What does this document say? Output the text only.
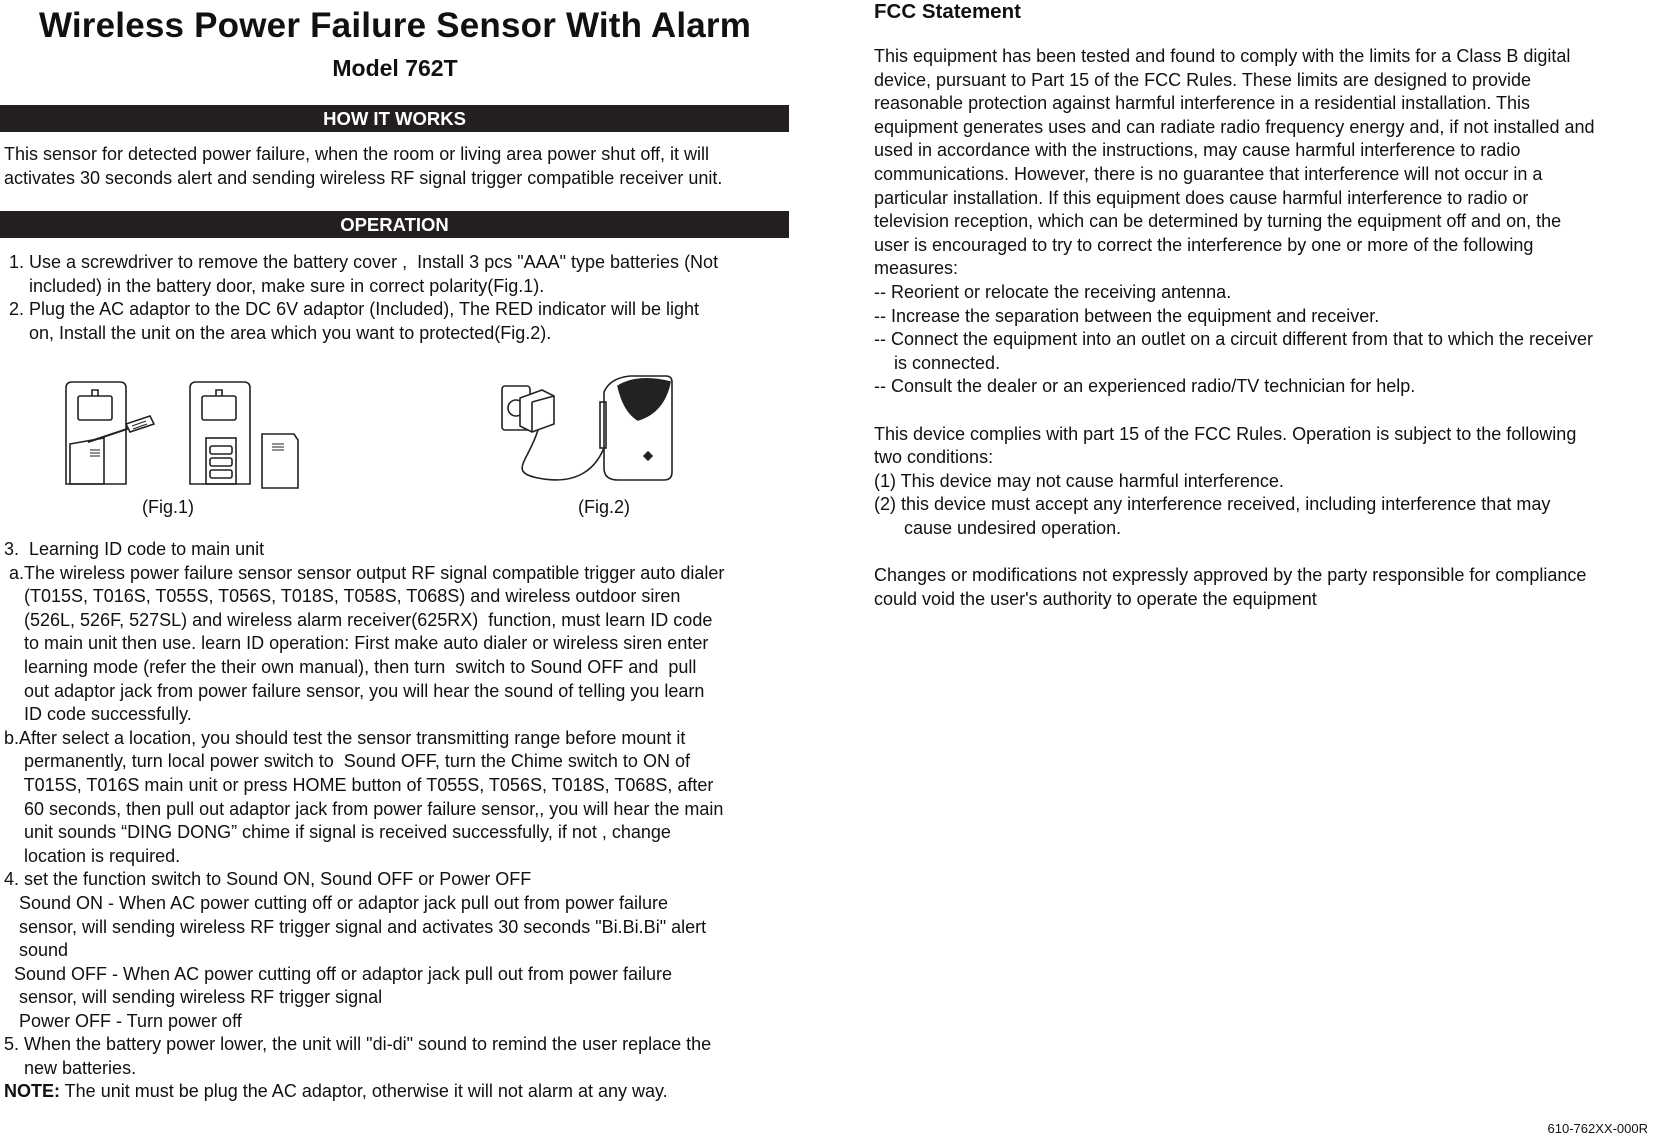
Wireless Power Failure Sensor With Alarm
Model 762T
HOW IT WORKS
This sensor for detected power failure, when the room or living area power shut off, it will
activates 30 seconds alert and sending wireless RF signal trigger compatible receiver unit.
OPERATION
1. Use a screwdriver to remove the battery cover ,  Install 3 pcs "AAA" type batteries (Not
included) in the battery door, make sure in correct polarity(Fig.1).
2. Plug the AC adaptor to the DC 6V adaptor (Included), The RED indicator will be light
on, Install the unit on the area which you want to protected(Fig.2).
(Fig.1)	(Fig.2)
3.  Learning ID code to main unit
a.The wireless power failure sensor sensor output RF signal compatible trigger auto dialer
(T015S, T016S, T055S, T056S, T018S, T058S, T068S) and wireless outdoor siren
(526L, 526F, 527SL) and wireless alarm receiver(625RX)  function, must learn ID code
to main unit then use. learn ID operation: First make auto dialer or wireless siren enter
learning mode (refer the their own manual), then turn  switch to Sound OFF and  pull
out adaptor jack from power failure sensor, you will hear the sound of telling you learn
ID code successfully.
b.After select a location, you should test the sensor transmitting range before mount it
permanently, turn local power switch to  Sound OFF, turn the Chime switch to ON of
T015S, T016S main unit or press HOME button of T055S, T056S, T018S, T068S, after
60 seconds, then pull out adaptor jack from power failure sensor,, you will hear the main
unit sounds “DING DONG” chime if signal is received successfully, if not , change
location is required.
4. set the function switch to Sound ON, Sound OFF or Power OFF
Sound ON - When AC power cutting off or adaptor jack pull out from power failure
sensor, will sending wireless RF trigger signal and activates 30 seconds "Bi.Bi.Bi" alert
sound
Sound OFF - When AC power cutting off or adaptor jack pull out from power failure
sensor, will sending wireless RF trigger signal
Power OFF - Turn power off
5. When the battery power lower, the unit will "di-di" sound to remind the user replace the
new batteries.
NOTE: The unit must be plug the AC adaptor, otherwise it will not alarm at any way.
FCC Statement
This equipment has been tested and found to comply with the limits for a Class B digital
device, pursuant to Part 15 of the FCC Rules. These limits are designed to provide
reasonable protection against harmful interference in a residential installation. This
equipment generates uses and can radiate radio frequency energy and, if not installed and
used in accordance with the instructions, may cause harmful interference to radio
communications. However, there is no guarantee that interference will not occur in a
particular installation. If this equipment does cause harmful interference to radio or
television reception, which can be determined by turning the equipment off and on, the
user is encouraged to try to correct the interference by one or more of the following
measures:
-- Reorient or relocate the receiving antenna.
-- Increase the separation between the equipment and receiver.
-- Connect the equipment into an outlet on a circuit different from that to which the receiver
is connected.
-- Consult the dealer or an experienced radio/TV technician for help.

This device complies with part 15 of the FCC Rules. Operation is subject to the following
two conditions:
(1) This device may not cause harmful interference.
(2) this device must accept any interference received, including interference that may
cause undesired operation.

Changes or modifications not expressly approved by the party responsible for compliance
could void the user's authority to operate the equipment
610-762XX-000R
